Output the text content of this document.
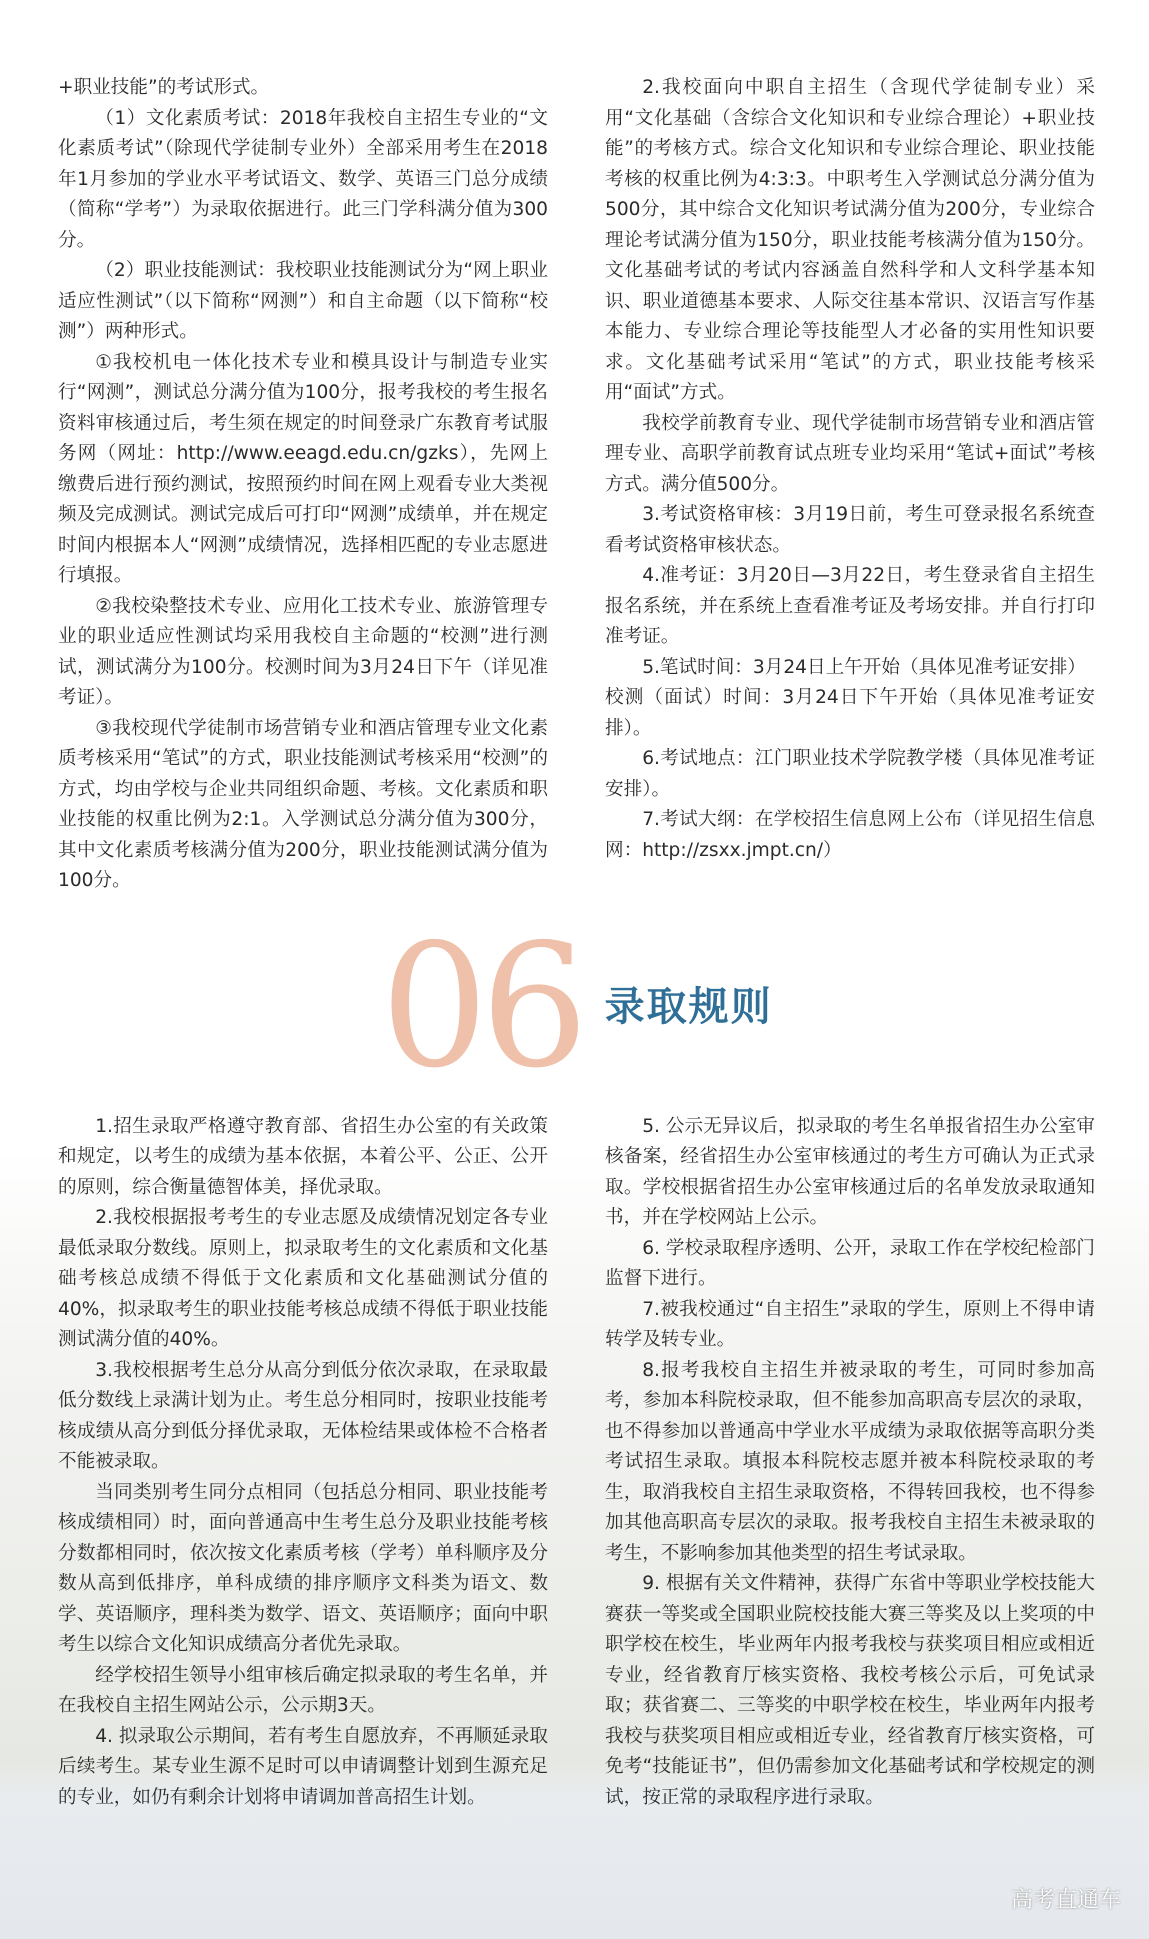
+职业技能”的考试形式。

（1）文化素质考试：2018年我校自主招生专业的“文化素质考试”（除现代学徒制专业外）全部采用考生在2018年1月参加的学业水平考试语文、数学、英语三门总分成绩（简称“学考”）为录取依据进行。此三门学科满分值为300分。

（2）职业技能测试：我校职业技能测试分为“网上职业适应性测试”（以下简称“网测”）和自主命题（以下简称“校测”）两种形式。

①我校机电一体化技术专业和模具设计与制造专业实行“网测”，测试总分满分值为100分，报考我校的考生报名资料审核通过后，考生须在规定的时间登录广东教育考试服务网（网址：http://www.eeagd.edu.cn/gzks），先网上缴费后进行预约测试，按照预约时间在网上观看专业大类视频及完成测试。测试完成后可打印“网测”成绩单，并在规定时间内根据本人“网测”成绩情况，选择相匹配的专业志愿进行填报。

②我校染整技术专业、应用化工技术专业、旅游管理专业的职业适应性测试均采用我校自主命题的“校测”进行测试，测试满分为100分。校测时间为3月24日下午（详见准考证）。

③我校现代学徒制市场营销专业和酒店管理专业文化素质考核采用“笔试”的方式，职业技能测试考核采用“校测”的方式，均由学校与企业共同组织命题、考核。文化素质和职业技能的权重比例为2:1。入学测试总分满分值为300分，其中文化素质考核满分值为200分，职业技能测试满分值为100分。

2.我校面向中职自主招生（含现代学徒制专业）采用“文化基础（含综合文化知识和专业综合理论）+职业技能”的考核方式。综合文化知识和专业综合理论、职业技能考核的权重比例为4:3:3。中职考生入学测试总分满分值为500分，其中综合文化知识考试满分值为200分，专业综合理论考试满分值为150分，职业技能考核满分值为150分。文化基础考试的考试内容涵盖自然科学和人文科学基本知识、职业道德基本要求、人际交往基本常识、汉语言写作基本能力、专业综合理论等技能型人才必备的实用性知识要求。文化基础考试采用“笔试”的方式，职业技能考核采用“面试”方式。

我校学前教育专业、现代学徒制市场营销专业和酒店管理专业、高职学前教育试点班专业均采用“笔试+面试”考核方式。满分值500分。

3.考试资格审核：3月19日前，考生可登录报名系统查看考试资格审核状态。

4.准考证：3月20日—3月22日，考生登录省自主招生报名系统，并在系统上查看准考证及考场安排。并自行打印准考证。

5.笔试时间：3月24日上午开始（具体见准考证安排）

校测（面试）时间：3月24日下午开始（具体见准考证安排）。

6.考试地点：江门职业技术学院教学楼（具体见准考证安排）。

7.考试大纲：在学校招生信息网上公布（详见招生信息网：http://zsxx.jmpt.cn/）

06 录取规则

1.招生录取严格遵守教育部、省招生办公室的有关政策和规定，以考生的成绩为基本依据，本着公平、公正、公开的原则，综合衡量德智体美，择优录取。

2.我校根据报考考生的专业志愿及成绩情况划定各专业最低录取分数线。原则上，拟录取考生的文化素质和文化基础考核总成绩不得低于文化素质和文化基础测试分值的40%，拟录取考生的职业技能考核总成绩不得低于职业技能测试满分值的40%。

3.我校根据考生总分从高分到低分依次录取，在录取最低分数线上录满计划为止。考生总分相同时，按职业技能考核成绩从高分到低分择优录取，无体检结果或体检不合格者不能被录取。

当同类别考生同分点相同（包括总分相同、职业技能考核成绩相同）时，面向普通高中生考生总分及职业技能考核分数都相同时，依次按文化素质考核（学考）单科顺序及分数从高到低排序，单科成绩的排序顺序文科类为语文、数学、英语顺序，理科类为数学、语文、英语顺序；面向中职考生以综合文化知识成绩高分者优先录取。

经学校招生领导小组审核后确定拟录取的考生名单，并在我校自主招生网站公示，公示期3天。

4. 拟录取公示期间，若有考生自愿放弃，不再顺延录取后续考生。某专业生源不足时可以申请调整计划到生源充足的专业，如仍有剩余计划将申请调加普高招生计划。

5. 公示无异议后，拟录取的考生名单报省招生办公室审核备案，经省招生办公室审核通过的考生方可确认为正式录取。学校根据省招生办公室审核通过后的名单发放录取通知书，并在学校网站上公示。

6. 学校录取程序透明、公开，录取工作在学校纪检部门监督下进行。

7.被我校通过“自主招生”录取的学生，原则上不得申请转学及转专业。

8.报考我校自主招生并被录取的考生，可同时参加高考，参加本科院校录取，但不能参加高职高专层次的录取，也不得参加以普通高中学业水平成绩为录取依据等高职分类考试招生录取。填报本科院校志愿并被本科院校录取的考生，取消我校自主招生录取资格，不得转回我校，也不得参加其他高职高专层次的录取。报考我校自主招生未被录取的考生，不影响参加其他类型的招生考试录取。

9. 根据有关文件精神，获得广东省中等职业学校技能大赛获一等奖或全国职业院校技能大赛三等奖及以上奖项的中职学校在校生，毕业两年内报考我校与获奖项目相应或相近专业，经省教育厅核实资格、我校考核公示后，可免试录取；获省赛二、三等奖的中职学校在校生，毕业两年内报考我校与获奖项目相应或相近专业，经省教育厅核实资格，可免考“技能证书”，但仍需参加文化基础考试和学校规定的测试，按正常的录取程序进行录取。

高考直通车
